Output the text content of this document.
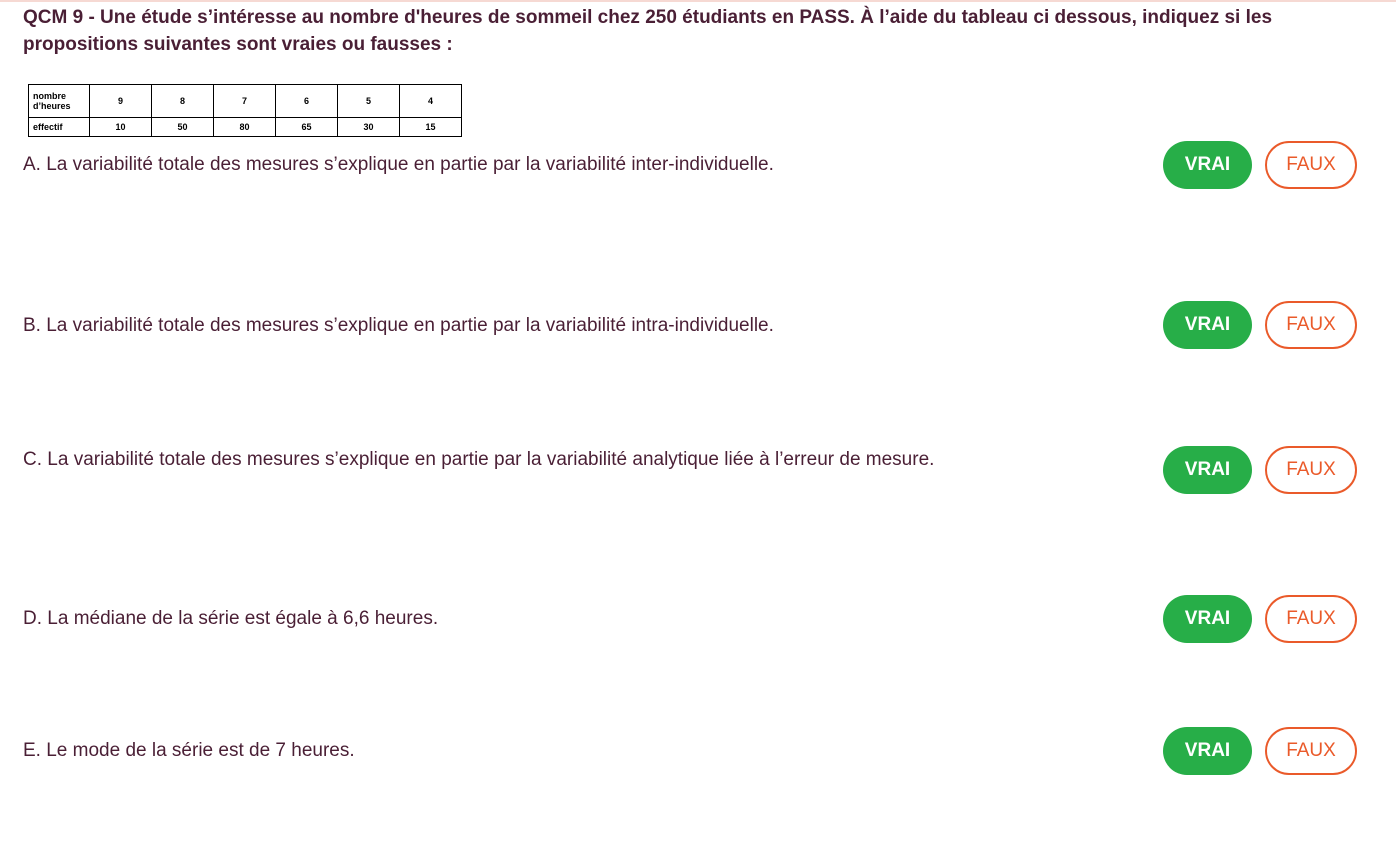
QCM 9 - Une étude s’intéresse au nombre d'heures de sommeil chez 250 étudiants en PASS. À l’aide du tableau ci dessous, indiquez si les propositions suivantes sont vraies ou fausses :
nombre d’heures	9	8	7	6	5	4
effectif	10	50	80	65	30	15
A. La variabilité totale des mesures s’explique en partie par la variabilité inter-individuelle.	VRAI	FAUX
B. La variabilité totale des mesures s’explique en partie par la variabilité intra-individuelle.	VRAI	FAUX
C. La variabilité totale des mesures s’explique en partie par la variabilité analytique liée à l’erreur de mesure.	VRAI	FAUX
D. La médiane de la série est égale à 6,6 heures.	VRAI	FAUX
E. Le mode de la série est de 7 heures.	VRAI	FAUX
